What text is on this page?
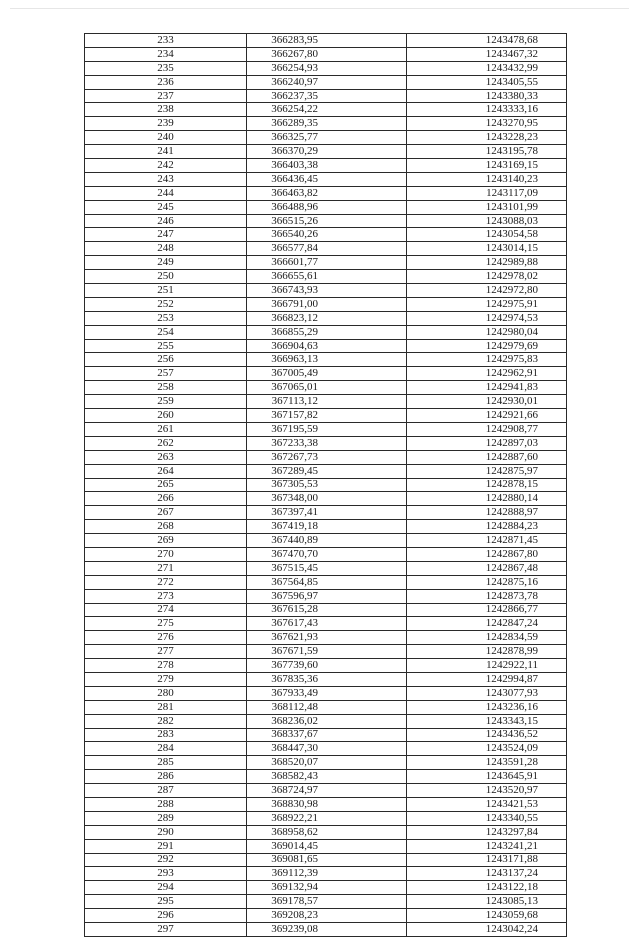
233	366283,95	1243478,68
234	366267,80	1243467,32
235	366254,93	1243432,99
236	366240,97	1243405,55
237	366237,35	1243380,33
238	366254,22	1243333,16
239	366289,35	1243270,95
240	366325,77	1243228,23
241	366370,29	1243195,78
242	366403,38	1243169,15
243	366436,45	1243140,23
244	366463,82	1243117,09
245	366488,96	1243101,99
246	366515,26	1243088,03
247	366540,26	1243054,58
248	366577,84	1243014,15
249	366601,77	1242989,88
250	366655,61	1242978,02
251	366743,93	1242972,80
252	366791,00	1242975,91
253	366823,12	1242974,53
254	366855,29	1242980,04
255	366904,63	1242979,69
256	366963,13	1242975,83
257	367005,49	1242962,91
258	367065,01	1242941,83
259	367113,12	1242930,01
260	367157,82	1242921,66
261	367195,59	1242908,77
262	367233,38	1242897,03
263	367267,73	1242887,60
264	367289,45	1242875,97
265	367305,53	1242878,15
266	367348,00	1242880,14
267	367397,41	1242888,97
268	367419,18	1242884,23
269	367440,89	1242871,45
270	367470,70	1242867,80
271	367515,45	1242867,48
272	367564,85	1242875,16
273	367596,97	1242873,78
274	367615,28	1242866,77
275	367617,43	1242847,24
276	367621,93	1242834,59
277	367671,59	1242878,99
278	367739,60	1242922,11
279	367835,36	1242994,87
280	367933,49	1243077,93
281	368112,48	1243236,16
282	368236,02	1243343,15
283	368337,67	1243436,52
284	368447,30	1243524,09
285	368520,07	1243591,28
286	368582,43	1243645,91
287	368724,97	1243520,97
288	368830,98	1243421,53
289	368922,21	1243340,55
290	368958,62	1243297,84
291	369014,45	1243241,21
292	369081,65	1243171,88
293	369112,39	1243137,24
294	369132,94	1243122,18
295	369178,57	1243085,13
296	369208,23	1243059,68
297	369239,08	1243042,24
